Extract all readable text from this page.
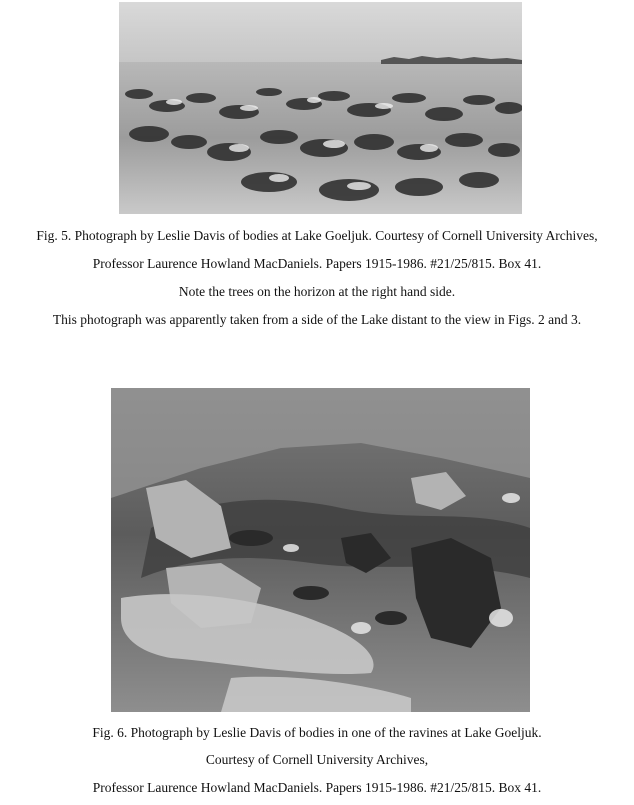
Fig. 5. Photograph by Leslie Davis of bodies at Lake Goeljuk. Courtesy of Cornell University Archives,

Professor Laurence Howland MacDaniels. Papers 1915-1986. #21/25/815. Box 41.

Note the trees on the horizon at the right hand side.

This photograph was apparently taken from a side of the Lake distant to the view in Figs. 2 and 3.

Fig. 6. Photograph by Leslie Davis of bodies in one of the ravines at Lake Goeljuk.

Courtesy of Cornell University Archives,

Professor Laurence Howland MacDaniels. Papers 1915-1986. #21/25/815. Box 41.
